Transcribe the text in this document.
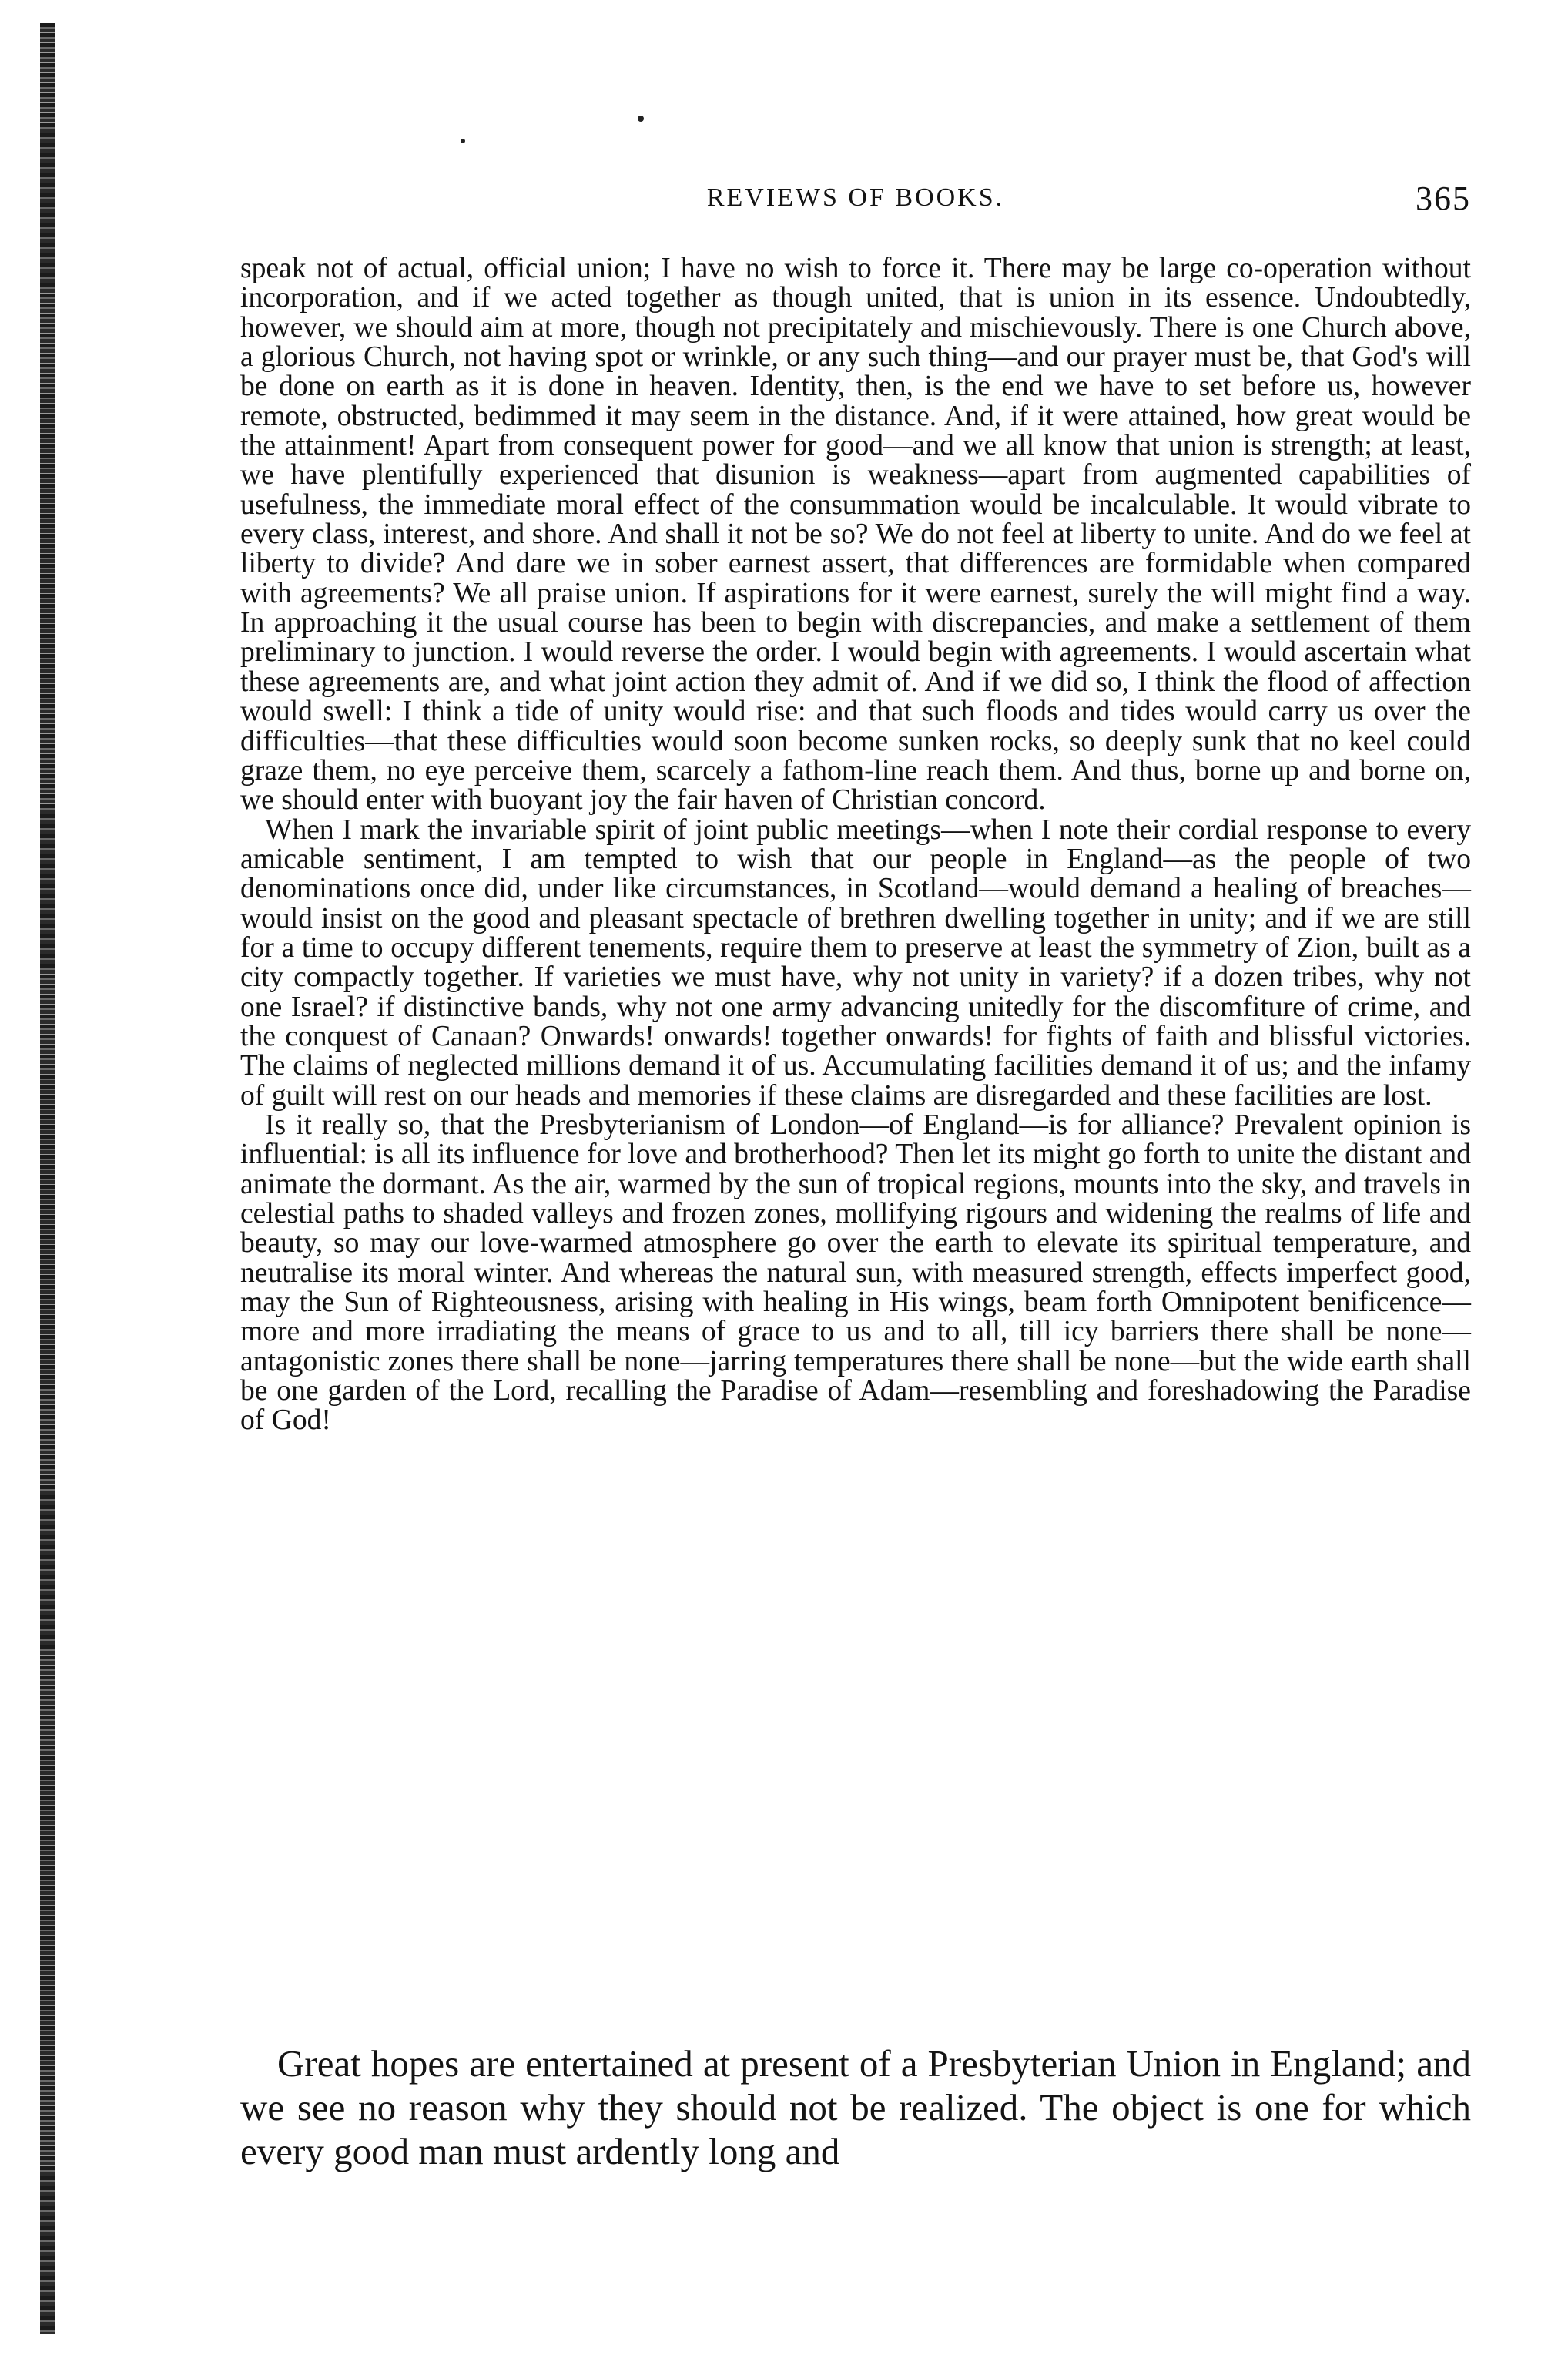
REVIEWS OF BOOKS.	365

speak not of actual, official union; I have no wish to force it. There may be large co-operation without incorporation, and if we acted together as though united, that is union in its essence. Undoubtedly, however, we should aim at more, though not precipitately and mischievously. There is one Church above, a glorious Church, not having spot or wrinkle, or any such thing—and our prayer must be, that God's will be done on earth as it is done in heaven. Identity, then, is the end we have to set before us, however remote, obstructed, bedimmed it may seem in the distance. And, if it were attained, how great would be the attainment! Apart from consequent power for good—and we all know that union is strength; at least, we have plentifully experienced that disunion is weakness—apart from augmented capabilities of usefulness, the immediate moral effect of the consummation would be incalculable. It would vibrate to every class, interest, and shore. And shall it not be so? We do not feel at liberty to unite. And do we feel at liberty to divide? And dare we in sober earnest assert, that differences are formidable when compared with agreements? We all praise union. If aspirations for it were earnest, surely the will might find a way. In approaching it the usual course has been to begin with discrepancies, and make a settlement of them preliminary to junction. I would reverse the order. I would begin with agreements. I would ascertain what these agreements are, and what joint action they admit of. And if we did so, I think the flood of affection would swell: I think a tide of unity would rise: and that such floods and tides would carry us over the difficulties—that these difficulties would soon become sunken rocks, so deeply sunk that no keel could graze them, no eye perceive them, scarcely a fathom-line reach them. And thus, borne up and borne on, we should enter with buoyant joy the fair haven of Christian concord.

When I mark the invariable spirit of joint public meetings—when I note their cordial response to every amicable sentiment, I am tempted to wish that our people in England—as the people of two denominations once did, under like circumstances, in Scotland—would demand a healing of breaches—would insist on the good and pleasant spectacle of brethren dwelling together in unity; and if we are still for a time to occupy different tenements, require them to preserve at least the symmetry of Zion, built as a city compactly together. If varieties we must have, why not unity in variety? if a dozen tribes, why not one Israel? if distinctive bands, why not one army advancing unitedly for the discomfiture of crime, and the conquest of Canaan? Onwards! onwards! together onwards! for fights of faith and blissful victories. The claims of neglected millions demand it of us. Accumulating facilities demand it of us; and the infamy of guilt will rest on our heads and memories if these claims are disregarded and these facilities are lost.

Is it really so, that the Presbyterianism of London—of England—is for alliance? Prevalent opinion is influential: is all its influence for love and brotherhood? Then let its might go forth to unite the distant and animate the dormant. As the air, warmed by the sun of tropical regions, mounts into the sky, and travels in celestial paths to shaded valleys and frozen zones, mollifying rigours and widening the realms of life and beauty, so may our love-warmed atmosphere go over the earth to elevate its spiritual temperature, and neutralise its moral winter. And whereas the natural sun, with measured strength, effects imperfect good, may the Sun of Righteousness, arising with healing in His wings, beam forth Omnipotent benificence—more and more irradiating the means of grace to us and to all, till icy barriers there shall be none—antagonistic zones there shall be none—jarring temperatures there shall be none—but the wide earth shall be one garden of the Lord, recalling the Paradise of Adam—resembling and foreshadowing the Paradise of God!

Great hopes are entertained at present of a Presbyterian Union in England; and we see no reason why they should not be realized. The object is one for which every good man must ardently long and
